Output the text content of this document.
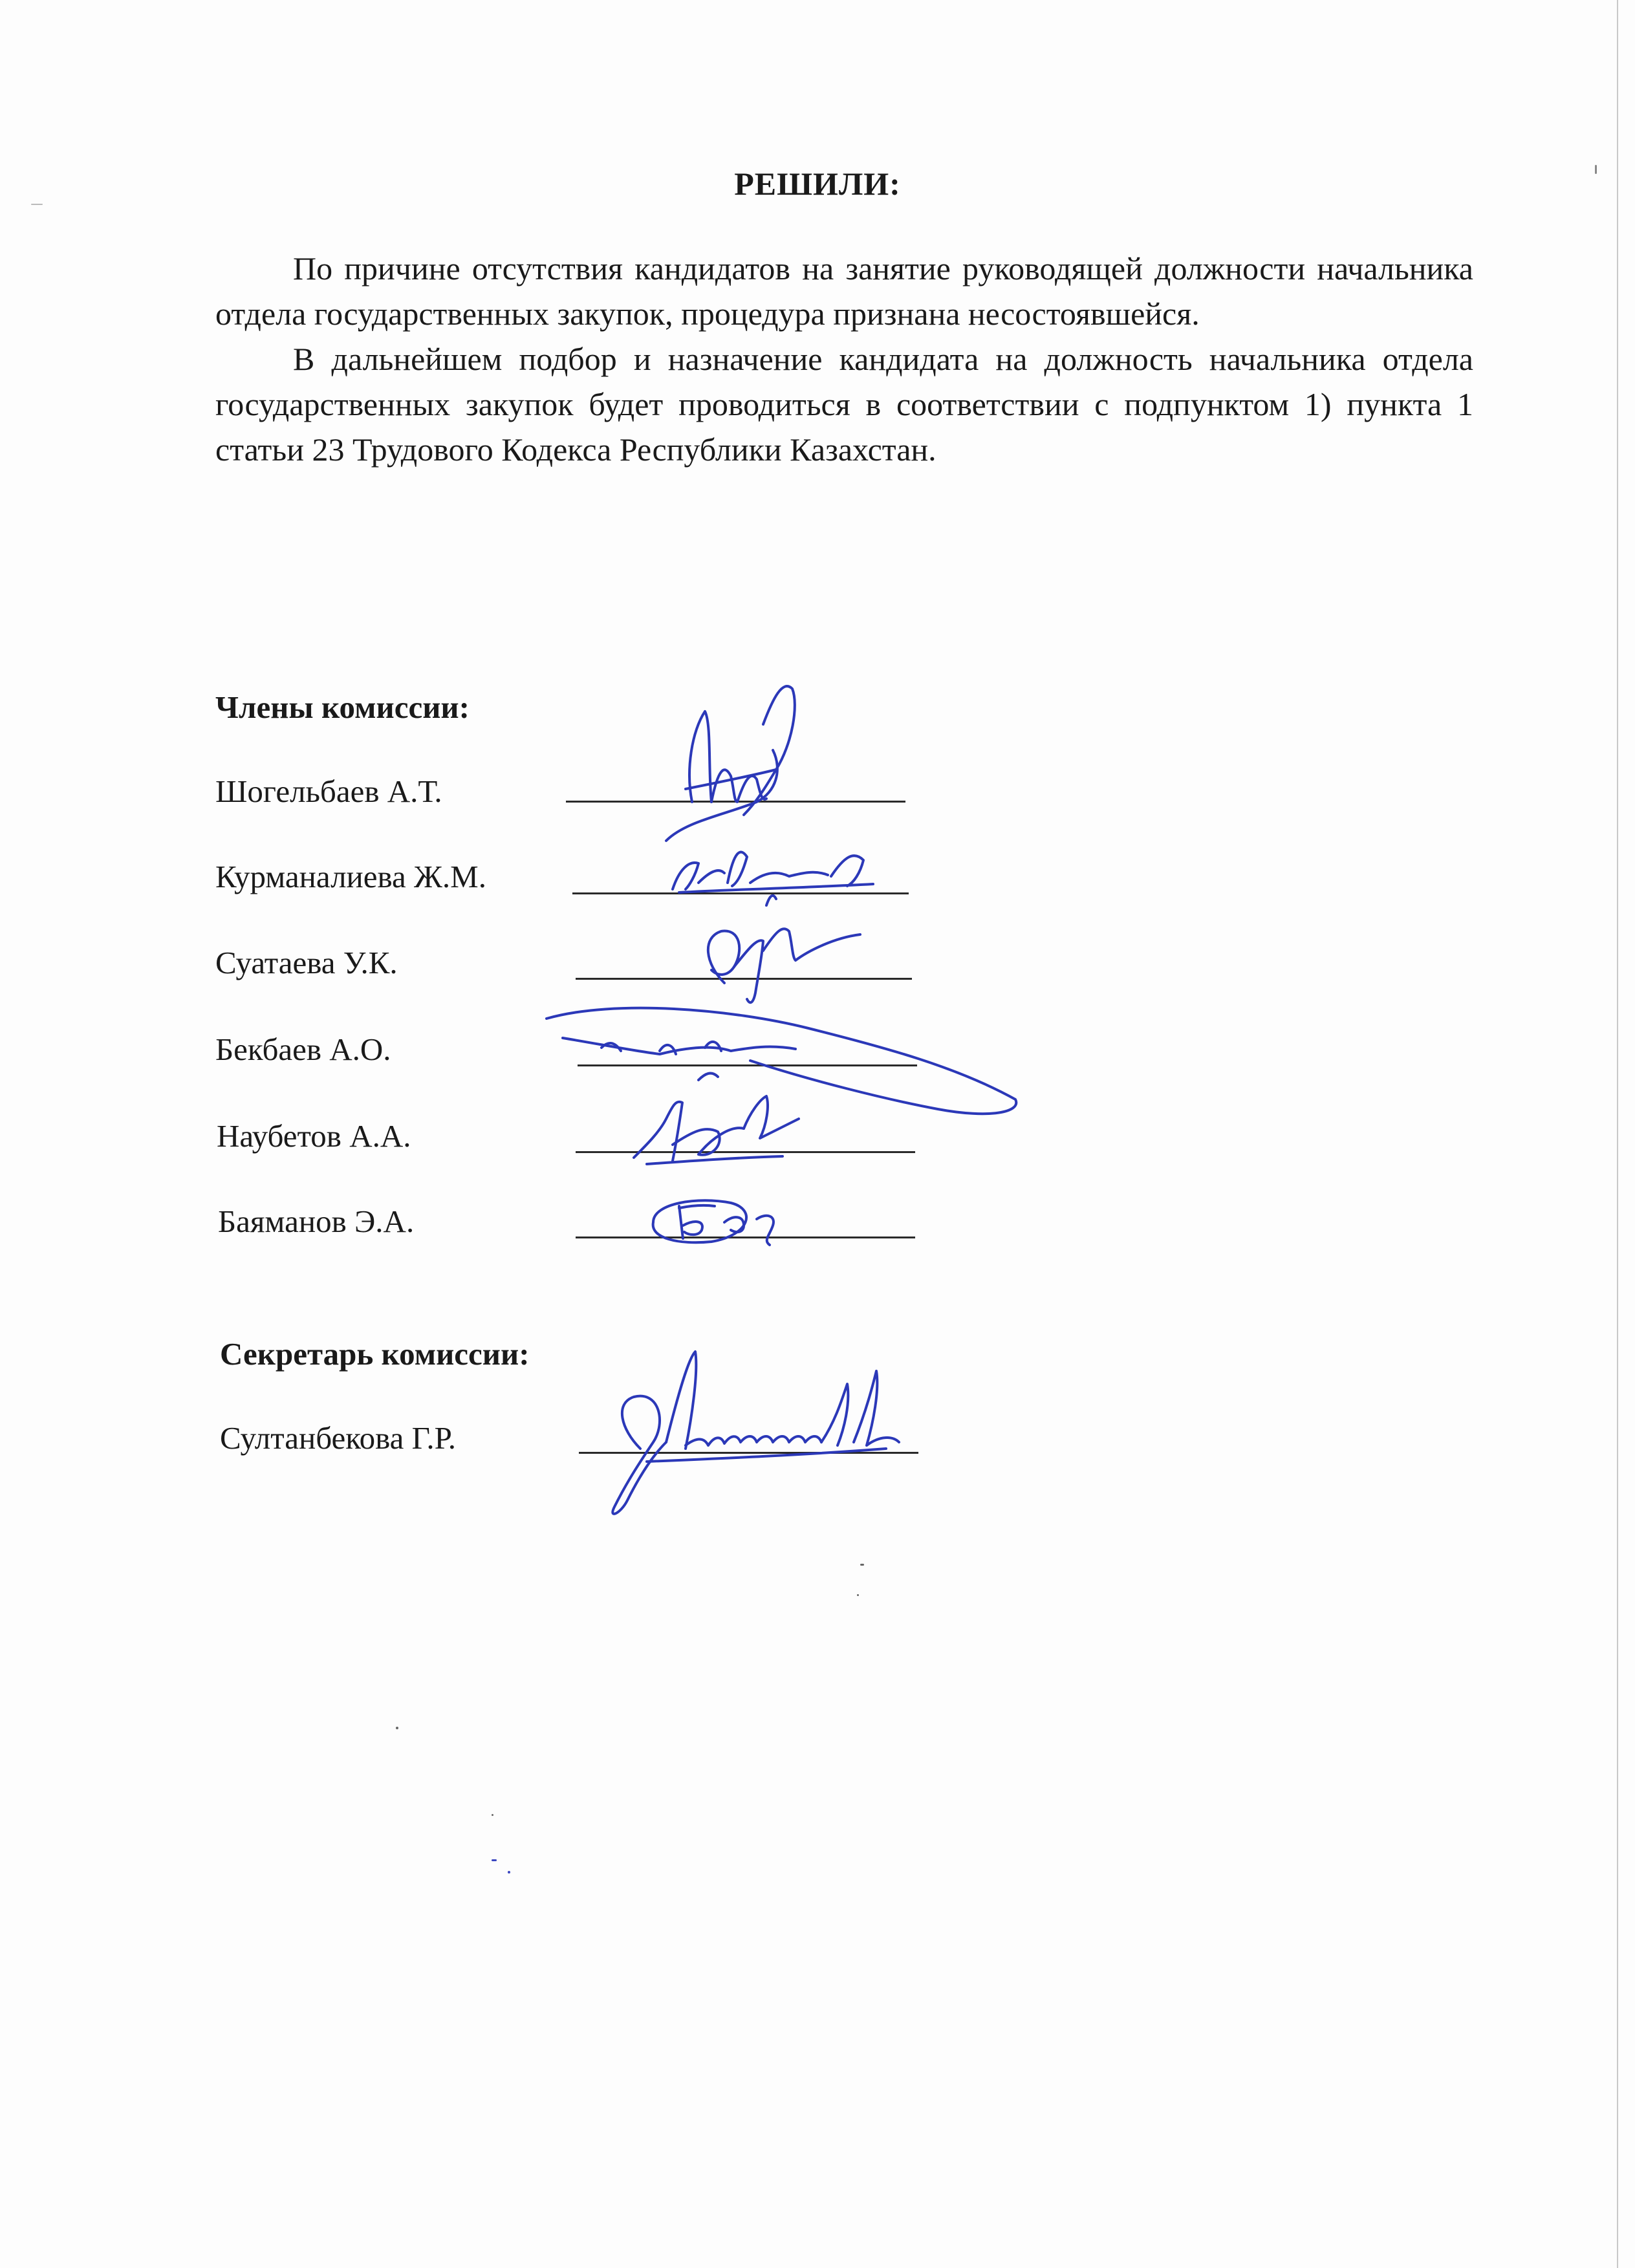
РЕШИЛИ:

По причине отсутствия кандидатов на занятие руководящей должности начальника отдела государственных закупок, процедура признана несостоявшейся.

В дальнейшем подбор и назначение кандидата на должность начальника отдела государственных закупок будет проводиться в соответствии с подпунктом 1) пункта 1 статьи 23 Трудового Кодекса Республики Казахстан.

Члены комиссии:
Шогельбаев А.Т.
Курманалиева Ж.М.
Суатаева У.К.
Бекбаев А.О.
Наубетов А.А.
Баяманов Э.А.
Секретарь комиссии:
Султанбекова Г.Р.
